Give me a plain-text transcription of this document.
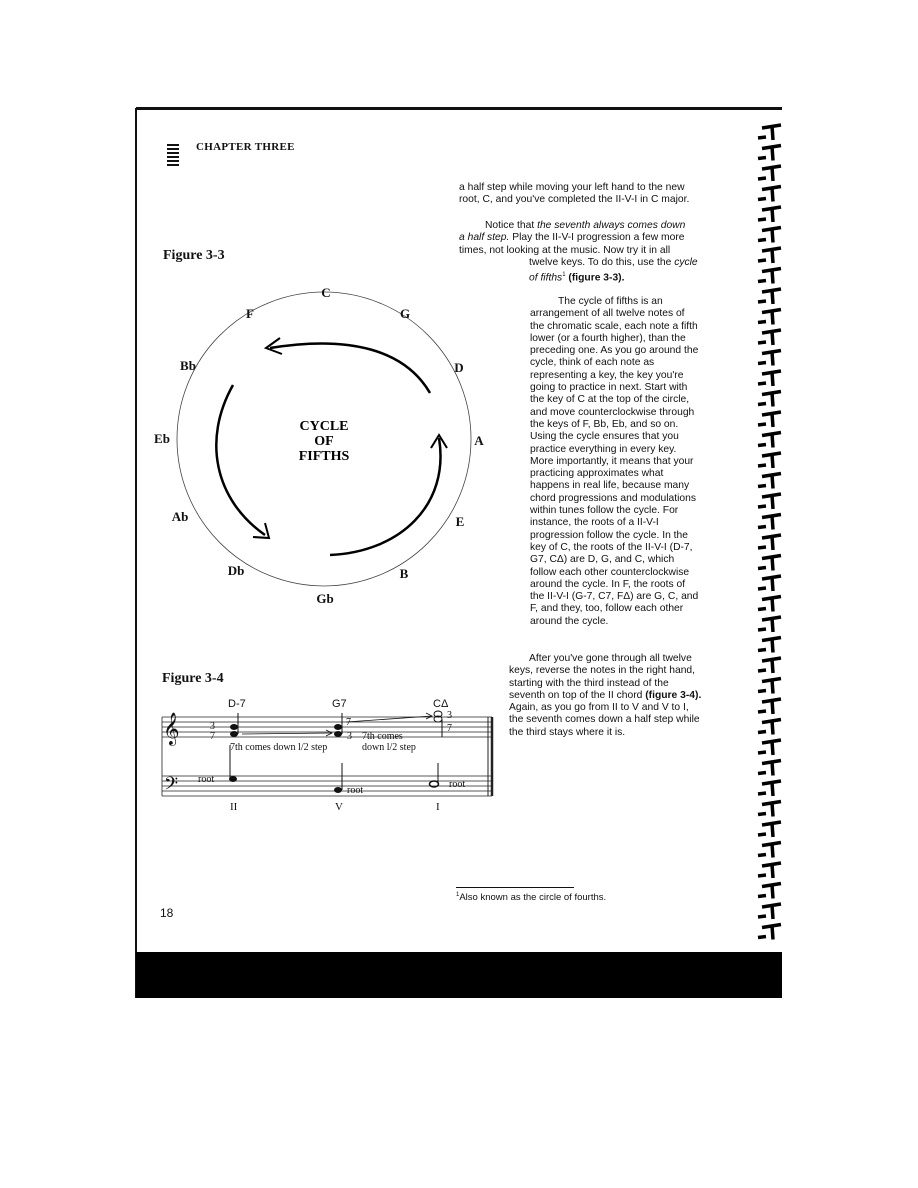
CHAPTER THREE
Figure 3-3
C
F
Bb
Eb
Ab
Db
Gb
B
E
A
D
G
CYCLE
OF
FIFTHS
a half step while moving your left hand to the new
root, C, and you've completed the II-V-I in C major.
Notice that the seventh always comes down
a half step. Play the II-V-I progression a few more
times, not looking at the music. Now try it in all
twelve keys. To do this, use the cycle
of fifths$^1$ (figure 3-3).
The cycle of fifths is an
arrangement of all twelve notes of
the chromatic scale, each note a fifth
lower (or a fourth higher), than the
preceding one. As you go around the
cycle, think of each note as
representing a key, the key you're
going to practice in next. Start with
the key of C at the top of the circle,
and move counterclockwise through
the keys of F, Bb, Eb, and so on.
Using the cycle ensures that you
practice everything in every key.
More importantly, it means that your
practicing approximates what
happens in real life, because many
chord progressions and modulations
within tunes follow the cycle. For
instance, the roots of a II-V-I
progression follow the cycle. In the
key of C, the roots of the II-V-I (D-7,
G7, CΔ) are D, G, and C, which
follow each other counterclockwise
around the cycle. In F, the roots of
the II-V-I (G-7, C7, FΔ) are G, C, and
F, and they, too, follow each other
around the cycle.
After you've gone through all twelve
keys, reverse the notes in the right hand,
starting with the third instead of the
seventh on top of the II chord (figure 3-4).
Again, as you go from II to V and V to I,
the seventh comes down a half step while
the third stays where it is.
Figure 3-4
D-7	G7	CΔ
𝄞
𝄢
3
7
7
3 7th comes
down l/2 step
3
7
7th comes down l/2 step
root
root
root
II	V	I
$^1$Also known as the circle of fourths.
18
